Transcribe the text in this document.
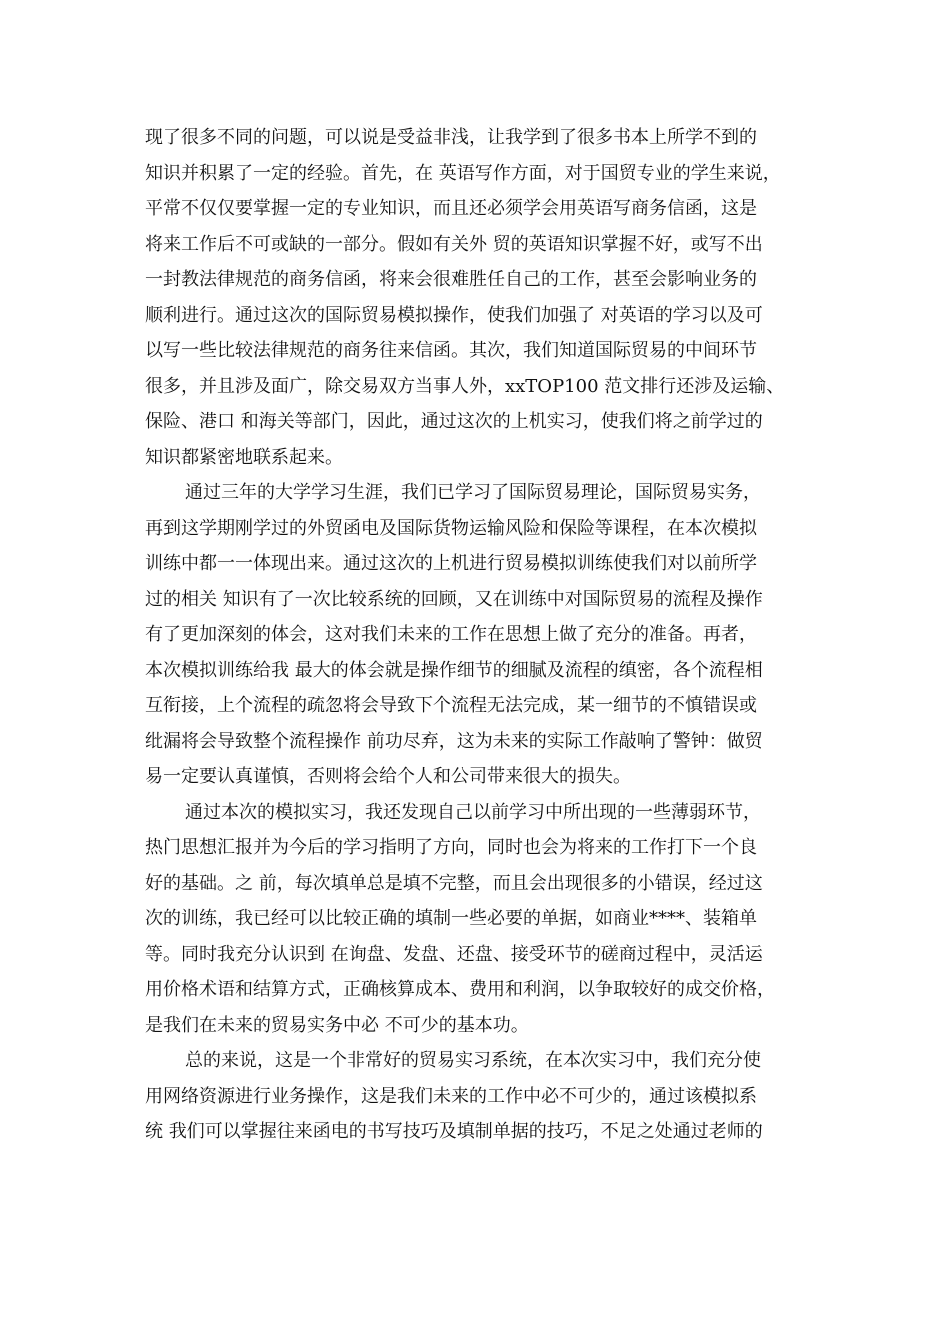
现了很多不同的问题，可以说是受益非浅，让我学到了很多书本上所学不到的
知识并积累了一定的经验。首先，在 英语写作方面，对于国贸专业的学生来说，
平常不仅仅要掌握一定的专业知识，而且还必须学会用英语写商务信函，这是
将来工作后不可或缺的一部分。假如有关外 贸的英语知识掌握不好，或写不出
一封教法律规范的商务信函，将来会很难胜任自己的工作，甚至会影响业务的
顺利进行。通过这次的国际贸易模拟操作，使我们加强了 对英语的学习以及可
以写一些比较法律规范的商务往来信函。其次，我们知道国际贸易的中间环节
很多，并且涉及面广，除交易双方当事人外，xxTOP100 范文排行还涉及运输、
保险、港口 和海关等部门，因此，通过这次的上机实习，使我们将之前学过的
知识都紧密地联系起来。
通过三年的大学学习生涯，我们已学习了国际贸易理论，国际贸易实务，
再到这学期刚学过的外贸函电及国际货物运输风险和保险等课程，在本次模拟
训练中都一一体现出来。通过这次的上机进行贸易模拟训练使我们对以前所学
过的相关 知识有了一次比较系统的回顾，又在训练中对国际贸易的流程及操作
有了更加深刻的体会，这对我们未来的工作在思想上做了充分的准备。再者，
本次模拟训练给我 最大的体会就是操作细节的细腻及流程的缜密，各个流程相
互衔接，上个流程的疏忽将会导致下个流程无法完成，某一细节的不慎错误或
纰漏将会导致整个流程操作 前功尽弃，这为未来的实际工作敲响了警钟：做贸
易一定要认真谨慎，否则将会给个人和公司带来很大的损失。
通过本次的模拟实习，我还发现自己以前学习中所出现的一些薄弱环节，
热门思想汇报并为今后的学习指明了方向，同时也会为将来的工作打下一个良
好的基础。之 前，每次填单总是填不完整，而且会出现很多的小错误，经过这
次的训练，我已经可以比较正确的填制一些必要的单据，如商业****、装箱单
等。同时我充分认识到 在询盘、发盘、还盘、接受环节的磋商过程中，灵活运
用价格术语和结算方式，正确核算成本、费用和利润，以争取较好的成交价格，
是我们在未来的贸易实务中必 不可少的基本功。
总的来说，这是一个非常好的贸易实习系统，在本次实习中，我们充分使
用网络资源进行业务操作，这是我们未来的工作中必不可少的，通过该模拟系
统 我们可以掌握往来函电的书写技巧及填制单据的技巧，不足之处通过老师的
